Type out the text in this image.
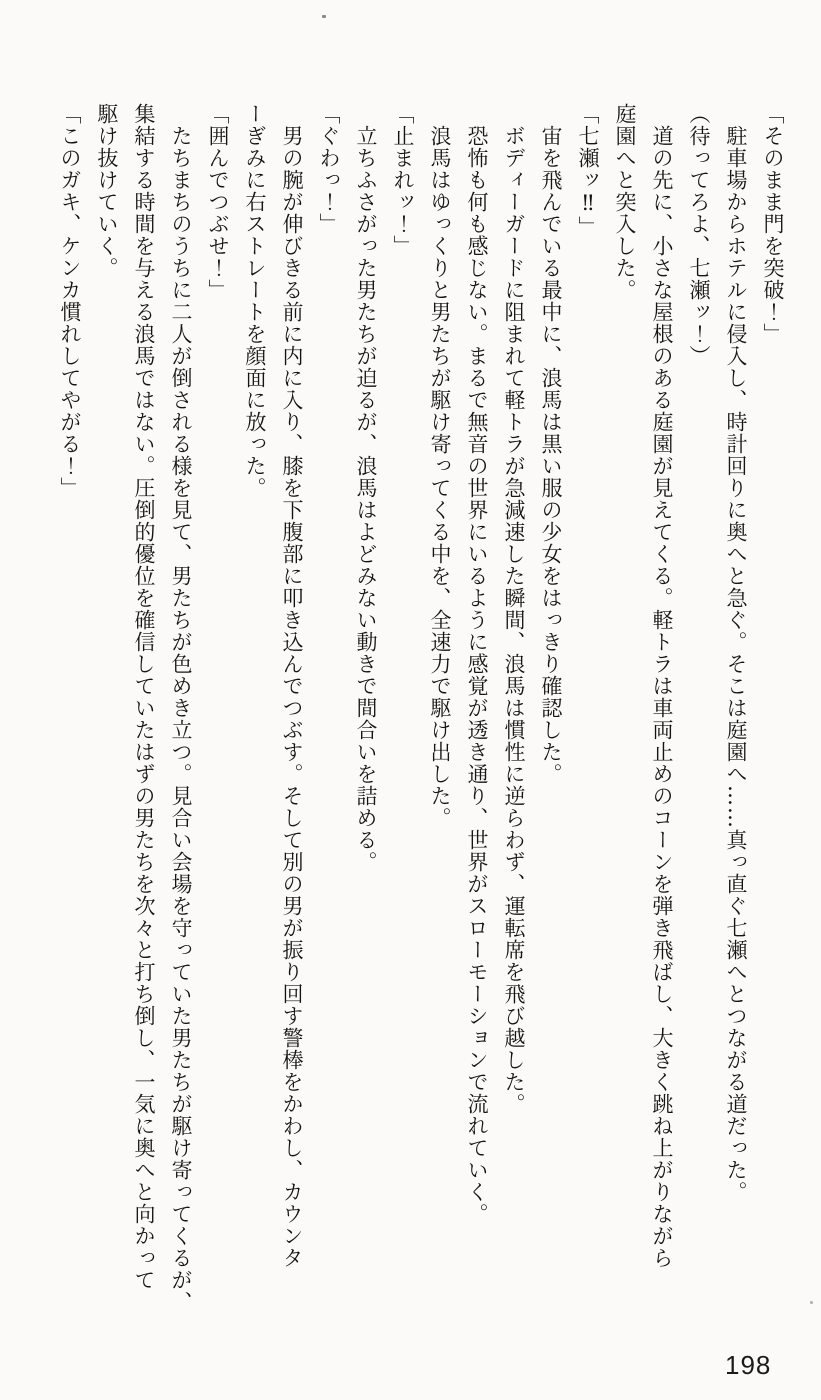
「そのまま門を突破！」

駐車場からホテルに侵入し、時計回りに奥へと急ぐ。そこは庭園へ……真っ直ぐ七瀬へとつながる道だった。

（待ってろよ、七瀬ッ！）

道の先に、小さな屋根のある庭園が見えてくる。軽トラは車両止めのコーンを弾き飛ばし、大きく跳ね上がりながら

庭園へと突入した。

「七瀬ッ‼」

宙を飛んでいる最中に、浪馬は黒い服の少女をはっきり確認した。

ボディーガードに阻まれて軽トラが急減速した瞬間、浪馬は慣性に逆らわず、運転席を飛び越した。

恐怖も何も感じない。まるで無音の世界にいるように感覚が透き通り、世界がスローモーションで流れていく。

浪馬はゆっくりと男たちが駆け寄ってくる中を、全速力で駆け出した。

「止まれッ！」

立ちふさがった男たちが迫るが、浪馬はよどみない動きで間合いを詰める。

「ぐわっ！」

男の腕が伸びきる前に内に入り、膝を下腹部に叩き込んでつぶす。そして別の男が振り回す警棒をかわし、カウンタ

ーぎみに右ストレートを顔面に放った。

「囲んでつぶせ！」

たちまちのうちに二人が倒される様を見て、男たちが色めき立つ。見合い会場を守っていた男たちが駆け寄ってくるが、

集結する時間を与える浪馬ではない。圧倒的優位を確信していたはずの男たちを次々と打ち倒し、一気に奥へと向かって

駆け抜けていく。

「このガキ、ケンカ慣れしてやがる！」

198
